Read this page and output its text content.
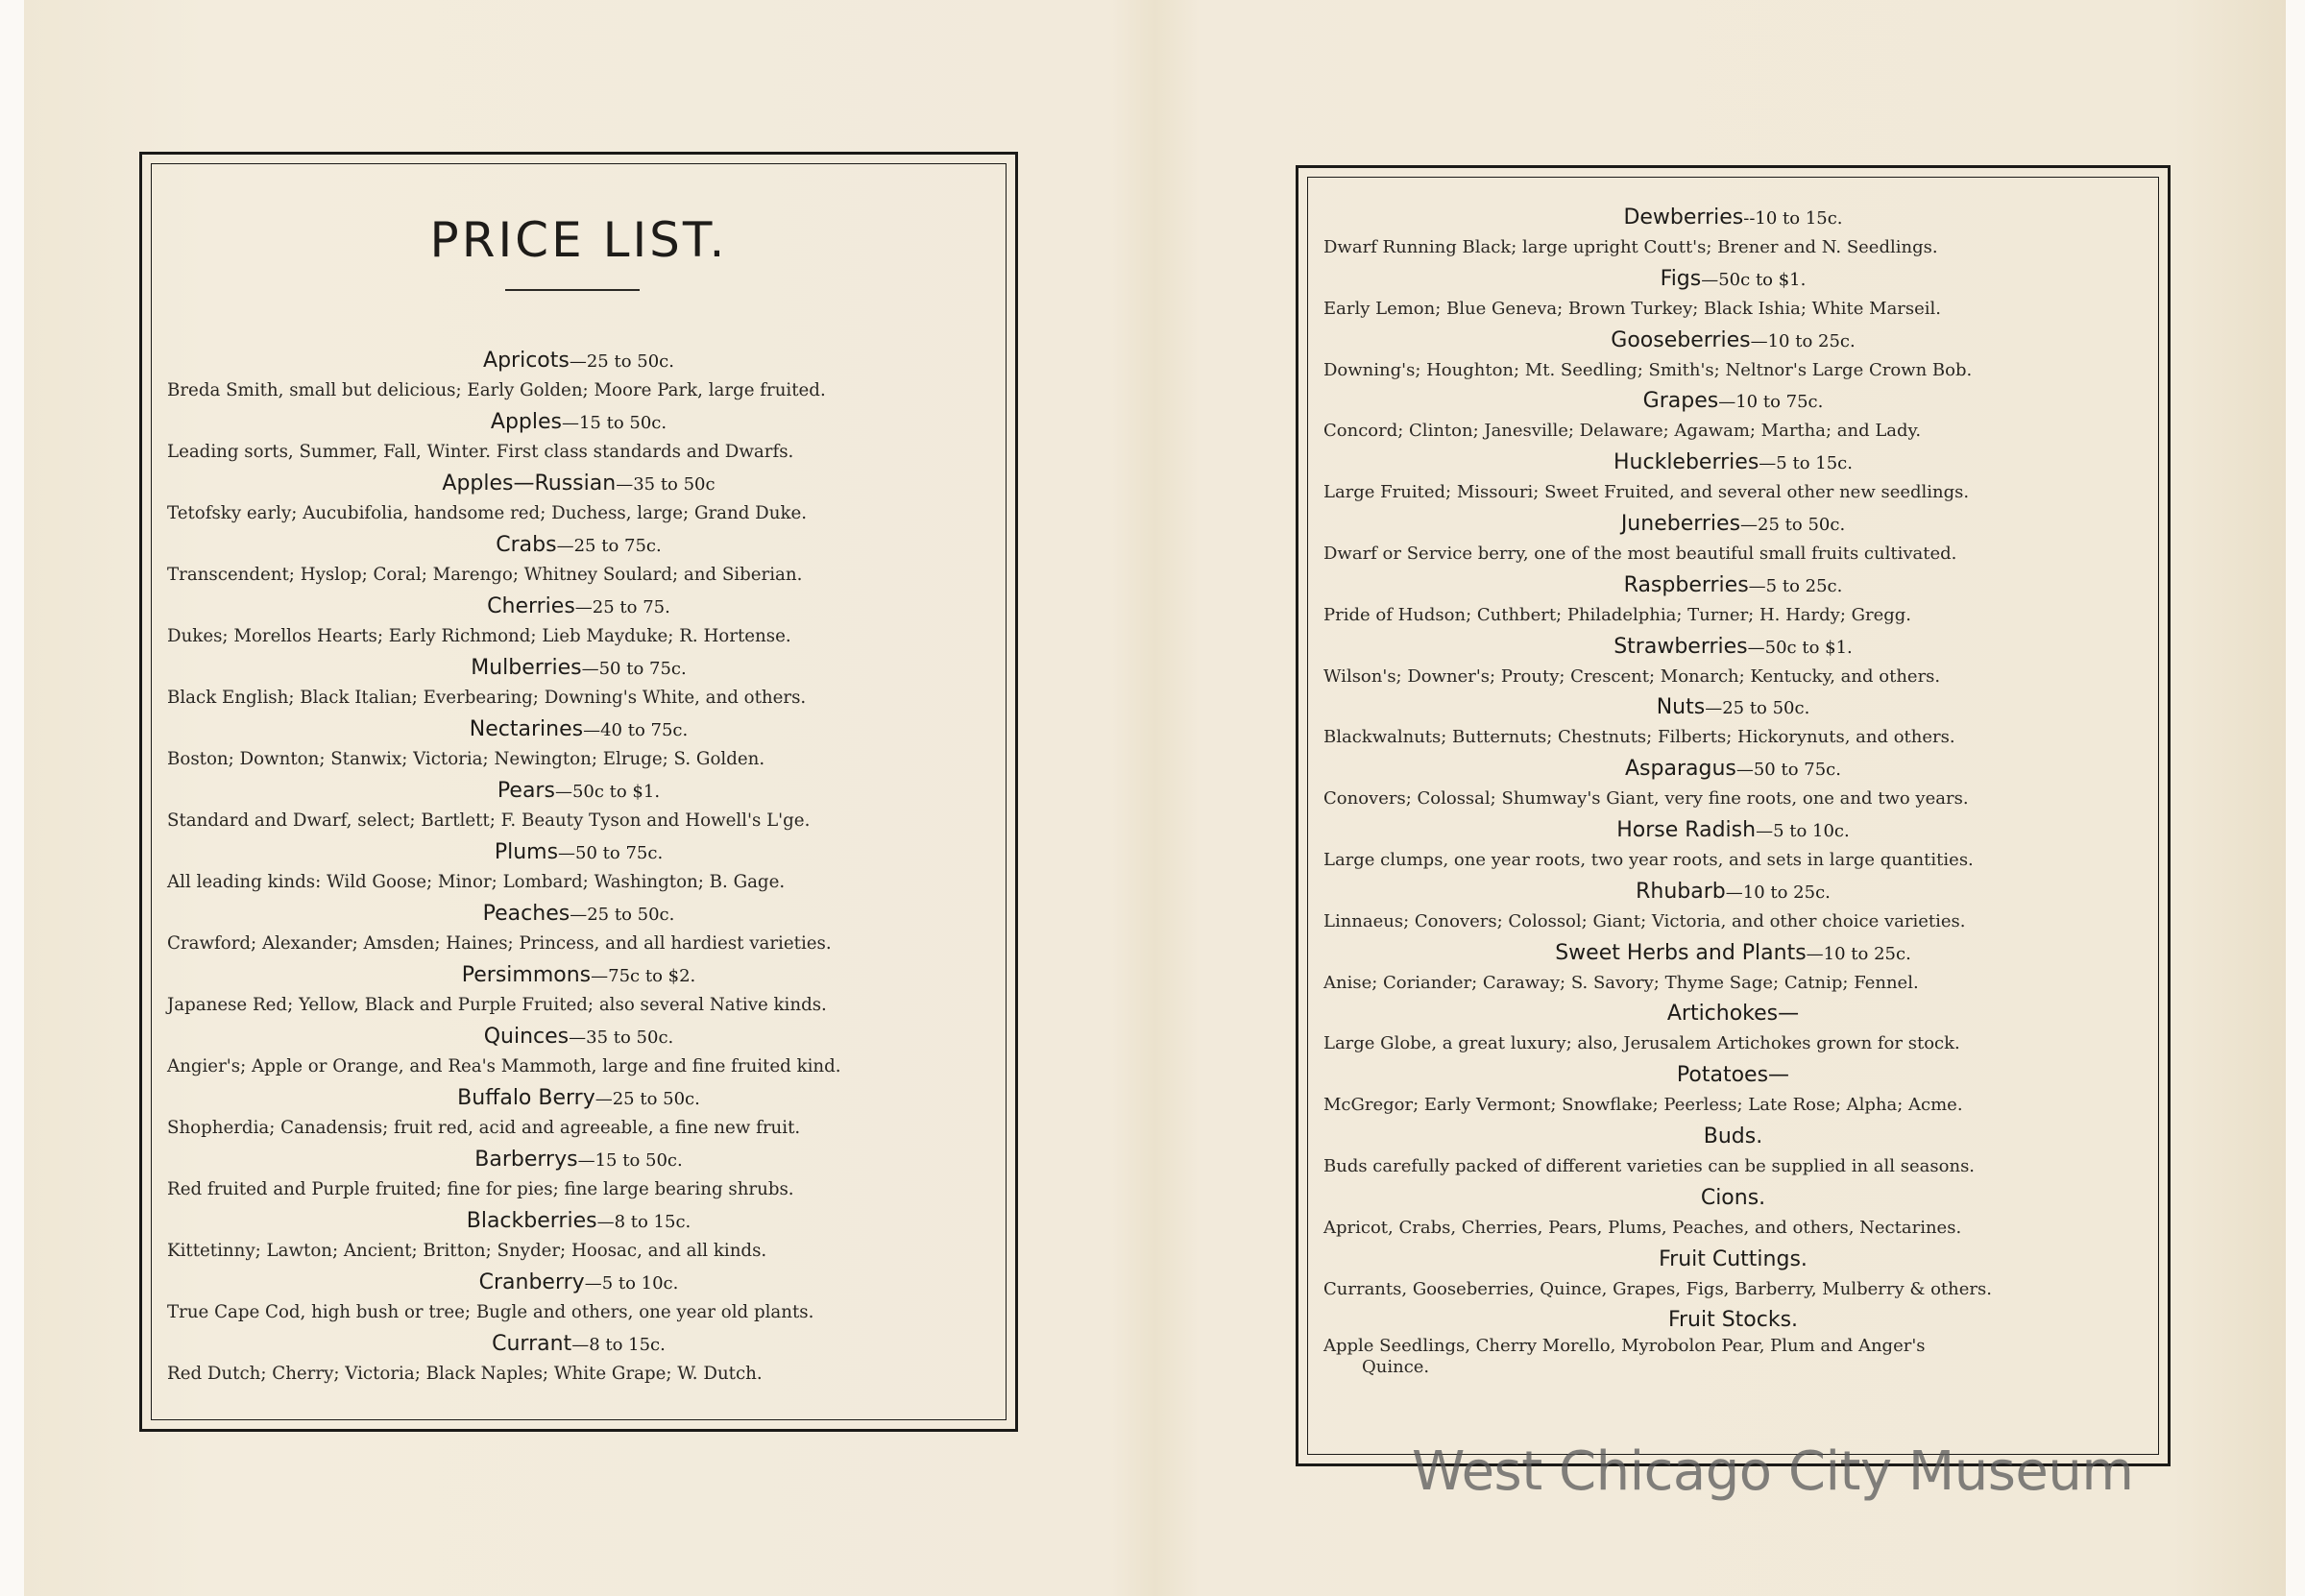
PRICE LIST.
Apricots—25 to 50c.
Breda Smith, small but delicious; Early Golden; Moore Park, large fruited.
Apples—15 to 50c.
Leading sorts, Summer, Fall, Winter. First class standards and Dwarfs.
Apples—Russian—35 to 50c
Tetofsky early; Aucubifolia, handsome red; Duchess, large; Grand Duke.
Crabs—25 to 75c.
Transcendent; Hyslop; Coral; Marengo; Whitney Soulard; and Siberian.
Cherries—25 to 75.
Dukes; Morellos Hearts; Early Richmond; Lieb Mayduke; R. Hortense.
Mulberries—50 to 75c.
Black English; Black Italian; Everbearing; Downing's White, and others.
Nectarines—40 to 75c.
Boston; Downton; Stanwix; Victoria; Newington; Elruge; S. Golden.
Pears—50c to $1.
Standard and Dwarf, select; Bartlett; F. Beauty Tyson and Howell's L'ge.
Plums—50 to 75c.
All leading kinds: Wild Goose; Minor; Lombard; Washington; B. Gage.
Peaches—25 to 50c.
Crawford; Alexander; Amsden; Haines; Princess, and all hardiest varieties.
Persimmons—75c to $2.
Japanese Red; Yellow, Black and Purple Fruited; also several Native kinds.
Quinces—35 to 50c.
Angier's; Apple or Orange, and Rea's Mammoth, large and fine fruited kind.
Buffalo Berry—25 to 50c.
Shopherdia; Canadensis; fruit red, acid and agreeable, a fine new fruit.
Barberrys—15 to 50c.
Red fruited and Purple fruited; fine for pies; fine large bearing shrubs.
Blackberries—8 to 15c.
Kittetinny; Lawton; Ancient; Britton; Snyder; Hoosac, and all kinds.
Cranberry—5 to 10c.
True Cape Cod, high bush or tree; Bugle and others, one year old plants.
Currant—8 to 15c.
Red Dutch; Cherry; Victoria; Black Naples; White Grape; W. Dutch.
Dewberries--10 to 15c.
Dwarf Running Black; large upright Coutt's; Brener and N. Seedlings.
Figs—50c to $1.
Early Lemon; Blue Geneva; Brown Turkey; Black Ishia; White Marseil.
Gooseberries—10 to 25c.
Downing's; Houghton; Mt. Seedling; Smith's; Neltnor's Large Crown Bob.
Grapes—10 to 75c.
Concord; Clinton; Janesville; Delaware; Agawam; Martha; and Lady.
Huckleberries—5 to 15c.
Large Fruited; Missouri; Sweet Fruited, and several other new seedlings.
Juneberries—25 to 50c.
Dwarf or Service berry, one of the most beautiful small fruits cultivated.
Raspberries—5 to 25c.
Pride of Hudson; Cuthbert; Philadelphia; Turner; H. Hardy; Gregg.
Strawberries—50c to $1.
Wilson's; Downer's; Prouty; Crescent; Monarch; Kentucky, and others.
Nuts—25 to 50c.
Blackwalnuts; Butternuts; Chestnuts; Filberts; Hickorynuts, and others.
Asparagus—50 to 75c.
Conovers; Colossal; Shumway's Giant, very fine roots, one and two years.
Horse Radish—5 to 10c.
Large clumps, one year roots, two year roots, and sets in large quantities.
Rhubarb—10 to 25c.
Linnaeus; Conovers; Colossol; Giant; Victoria, and other choice varieties.
Sweet Herbs and Plants—10 to 25c.
Anise; Coriander; Caraway; S. Savory; Thyme Sage; Catnip; Fennel.
Artichokes—
Large Globe, a great luxury; also, Jerusalem Artichokes grown for stock.
Potatoes—
McGregor; Early Vermont; Snowflake; Peerless; Late Rose; Alpha; Acme.
Buds.
Buds carefully packed of different varieties can be supplied in all seasons.
Cions.
Apricot, Crabs, Cherries, Pears, Plums, Peaches, and others, Nectarines.
Fruit Cuttings.
Currants, Gooseberries, Quince, Grapes, Figs, Barberry, Mulberry & others.
Fruit Stocks.
Apple Seedlings, Cherry Morello, Myrobolon Pear, Plum and Anger's
Quince.
West Chicago City Museum
